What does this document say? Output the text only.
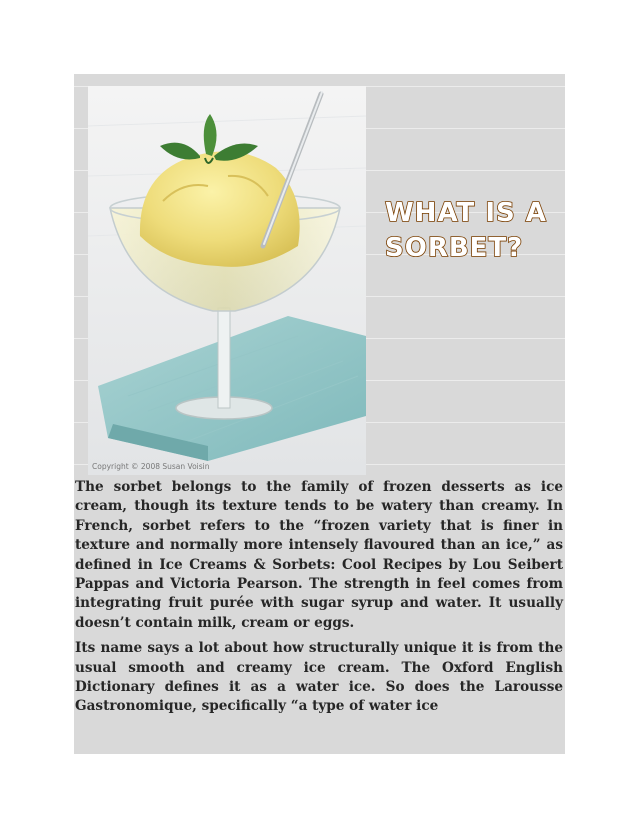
Copyright © 2008 Susan Voisin
WHAT IS A
SORBET?

The sorbet belongs to the family of frozen desserts as ice cream, though its texture tends to be watery than creamy. In French, sorbet refers to the “frozen variety that is finer in texture and normally more intensely flavoured than an ice,” as defined in Ice Creams & Sorbets: Cool Recipes by Lou Seibert Pappas and Victoria Pearson. The strength in feel comes from integrating fruit purée with sugar syrup and water. It usually doesn’t contain milk, cream or eggs.

Its name says a lot about how structurally unique it is from the usual smooth and creamy ice cream. The Oxford English Dictionary defines it as a water ice. So does the Larousse Gastronomique, specifically “a type of water ice
